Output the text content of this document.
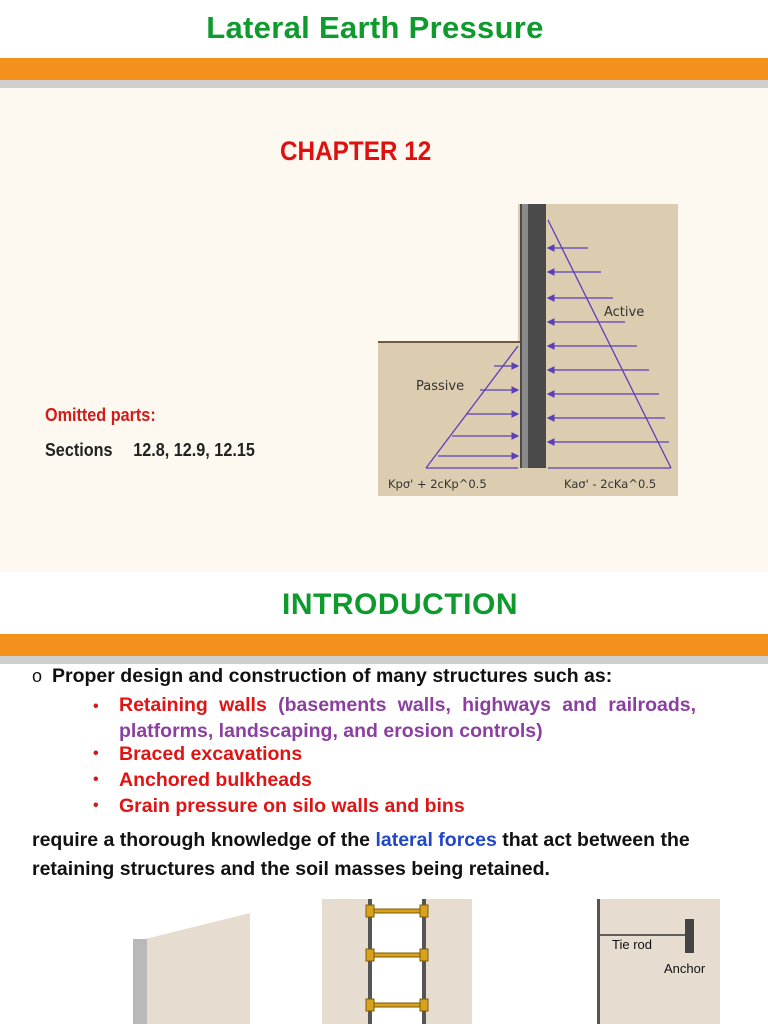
Lateral Earth Pressure
CHAPTER 12
Omitted parts:
Sections 12.8, 12.9, 12.15
Active
Passive
Kpσ' + 2cKp^0.5	Kaσ' - 2cKa^0.5
INTRODUCTION
o Proper design and construction of many structures such as:
• Retaining walls (basements walls, highways and railroads, platforms, landscaping, and erosion controls)
• Braced excavations
• Anchored bulkheads
• Grain pressure on silo walls and bins
require a thorough knowledge of the lateral forces that act between the retaining structures and the soil masses being retained.
Tie rod
Anchor
